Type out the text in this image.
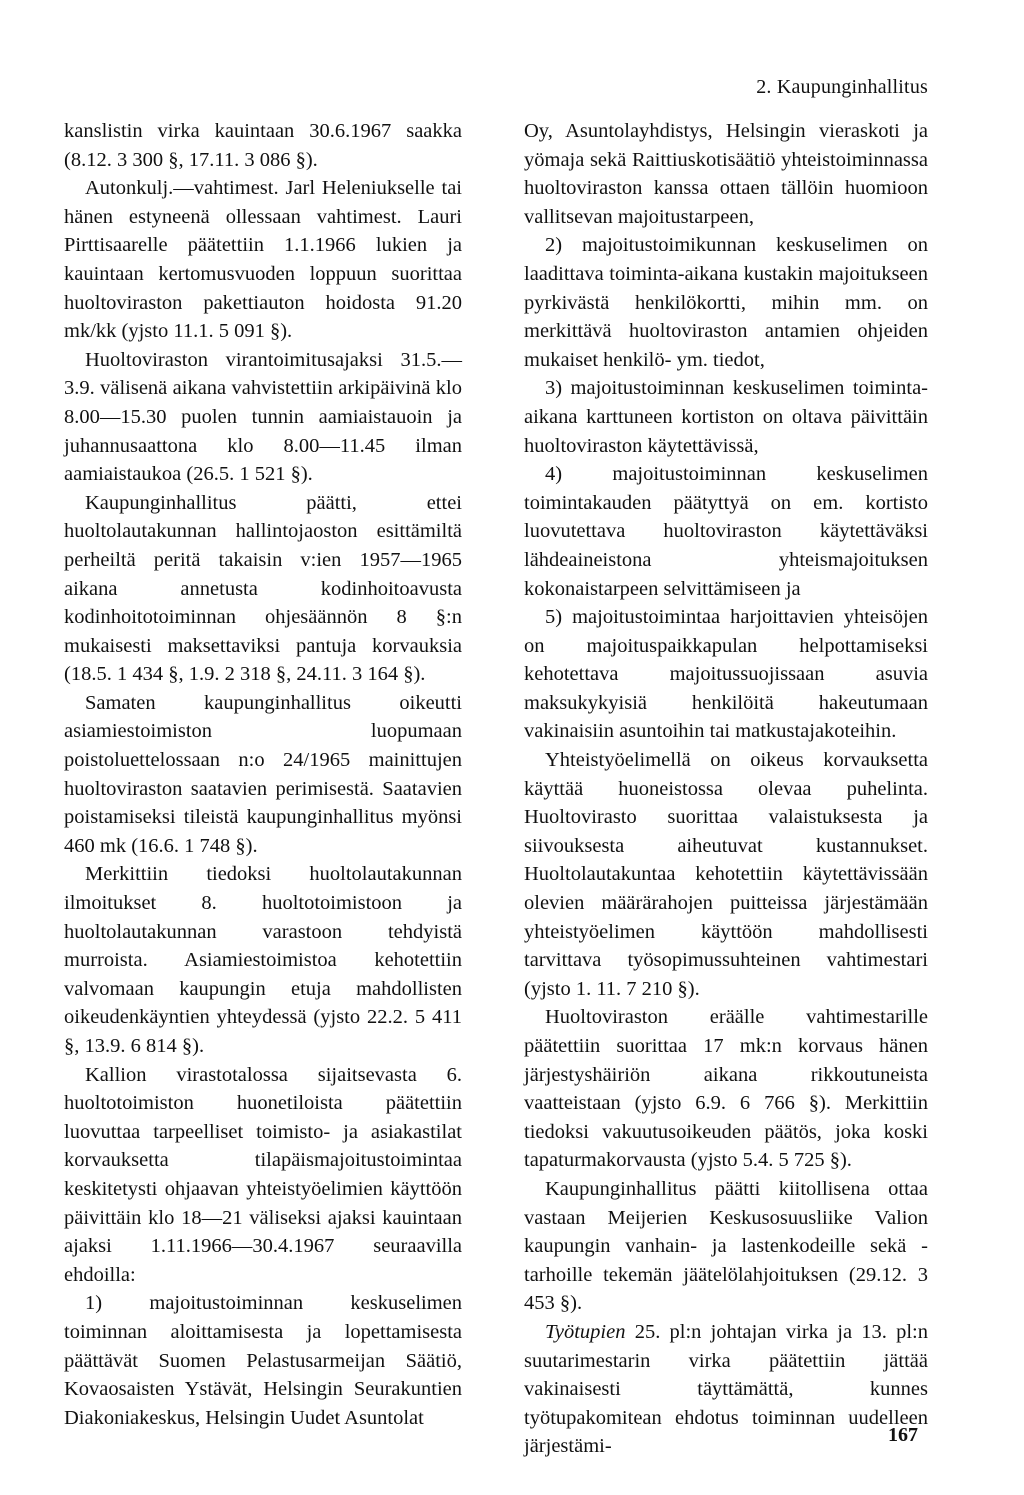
2. Kaupunginhallitus

kanslistin virka kauintaan 30.6.1967 saakka (8.12. 3 300 §, 17.11. 3 086 §).

Autonkulj.—vahtimest. Jarl Heleniukselle tai hänen estyneenä ollessaan vahtimest. Lauri Pirttisaarelle päätettiin 1.1.1966 lukien ja kauintaan kertomusvuoden loppuun suorittaa huoltoviraston pakettiauton hoidosta 91.20 mk/kk (yjsto 11.1. 5 091 §).

Huoltoviraston virantoimitusajaksi 31.5.—3.9. välisenä aikana vahvistettiin arkipäivinä klo 8.00—15.30 puolen tunnin aamiaistauoin ja juhannusaattona klo 8.00—11.45 ilman aamiaistaukoa (26.5. 1 521 §).

Kaupunginhallitus päätti, ettei huoltolautakunnan hallintojaoston esittämiltä perheiltä peritä takaisin v:ien 1957—1965 aikana annetusta kodinhoitoavusta kodinhoitotoiminnan ohjesäännön 8 §:n mukaisesti maksettaviksi pantuja korvauksia (18.5. 1 434 §, 1.9. 2 318 §, 24.11. 3 164 §).

Samaten kaupunginhallitus oikeutti asiamiestoimiston luopumaan poistoluettelossaan n:o 24/1965 mainittujen huoltoviraston saatavien perimisestä. Saatavien poistamiseksi tileistä kaupunginhallitus myönsi 460 mk (16.6. 1 748 §).

Merkittiin tiedoksi huoltolautakunnan ilmoitukset 8. huoltotoimistoon ja huoltolautakunnan varastoon tehdyistä murroista. Asiamiestoimistoa kehotettiin valvomaan kaupungin etuja mahdollisten oikeudenkäyntien yhteydessä (yjsto 22.2. 5 411 §, 13.9. 6 814 §).

Kallion virastotalossa sijaitsevasta 6. huoltotoimiston huonetiloista päätettiin luovuttaa tarpeelliset toimisto- ja asiakastilat korvauksetta tilapäismajoitustoimintaa keskitetysti ohjaavan yhteistyöelimien käyttöön päivittäin klo 18—21 väliseksi ajaksi kauintaan ajaksi 1.11.1966—30.4.1967 seuraavilla ehdoilla:

1) majoitustoiminnan keskuselimen toiminnan aloittamisesta ja lopettamisesta päättävät Suomen Pelastusarmeijan Säätiö, Kovaosaisten Ystävät, Helsingin Seurakuntien Diakoniakeskus, Helsingin Uudet Asuntolat

Oy, Asuntolayhdistys, Helsingin vieraskoti ja yömaja sekä Raittiuskotisäätiö yhteistoiminnassa huoltoviraston kanssa ottaen tällöin huomioon vallitsevan majoitustarpeen,

2) majoitustoimikunnan keskuselimen on laadittava toiminta-aikana kustakin majoitukseen pyrkivästä henkilökortti, mihin mm. on merkittävä huoltoviraston antamien ohjeiden mukaiset henkilö- ym. tiedot,

3) majoitustoiminnan keskuselimen toiminta-aikana karttuneen kortiston on oltava päivittäin huoltoviraston käytettävissä,

4) majoitustoiminnan keskuselimen toimintakauden päätyttyä on em. kortisto luovutettava huoltoviraston käytettäväksi lähdeaineistona yhteismajoituksen kokonaistarpeen selvittämiseen ja

5) majoitustoimintaa harjoittavien yhteisöjen on majoituspaikkapulan helpottamiseksi kehotettava majoitussuojissaan asuvia maksukykyisiä henkilöitä hakeutumaan vakinaisiin asuntoihin tai matkustajakoteihin.

Yhteistyöelimellä on oikeus korvauksetta käyttää huoneistossa olevaa puhelinta. Huoltovirasto suorittaa valaistuksesta ja siivouksesta aiheutuvat kustannukset. Huoltolautakuntaa kehotettiin käytettävissään olevien määrärahojen puitteissa järjestämään yhteistyöelimen käyttöön mahdollisesti tarvittava työsopimussuhteinen vahtimestari (yjsto 1. 11. 7 210 §).

Huoltoviraston eräälle vahtimestarille päätettiin suorittaa 17 mk:n korvaus hänen järjestyshäiriön aikana rikkoutuneista vaatteistaan (yjsto 6.9. 6 766 §). Merkittiin tiedoksi vakuutusoikeuden päätös, joka koski tapaturmakorvausta (yjsto 5.4. 5 725 §).

Kaupunginhallitus päätti kiitollisena ottaa vastaan Meijerien Keskusosuusliike Valion kaupungin vanhain- ja lastenkodeille sekä -tarhoille tekemän jäätelölahjoituksen (29.12. 3 453 §).

Työtupien 25. pl:n johtajan virka ja 13. pl:n suutarimestarin virka päätettiin jättää vakinaisesti täyttämättä, kunnes työtupakomitean ehdotus toiminnan uudelleen järjestämi-

167
